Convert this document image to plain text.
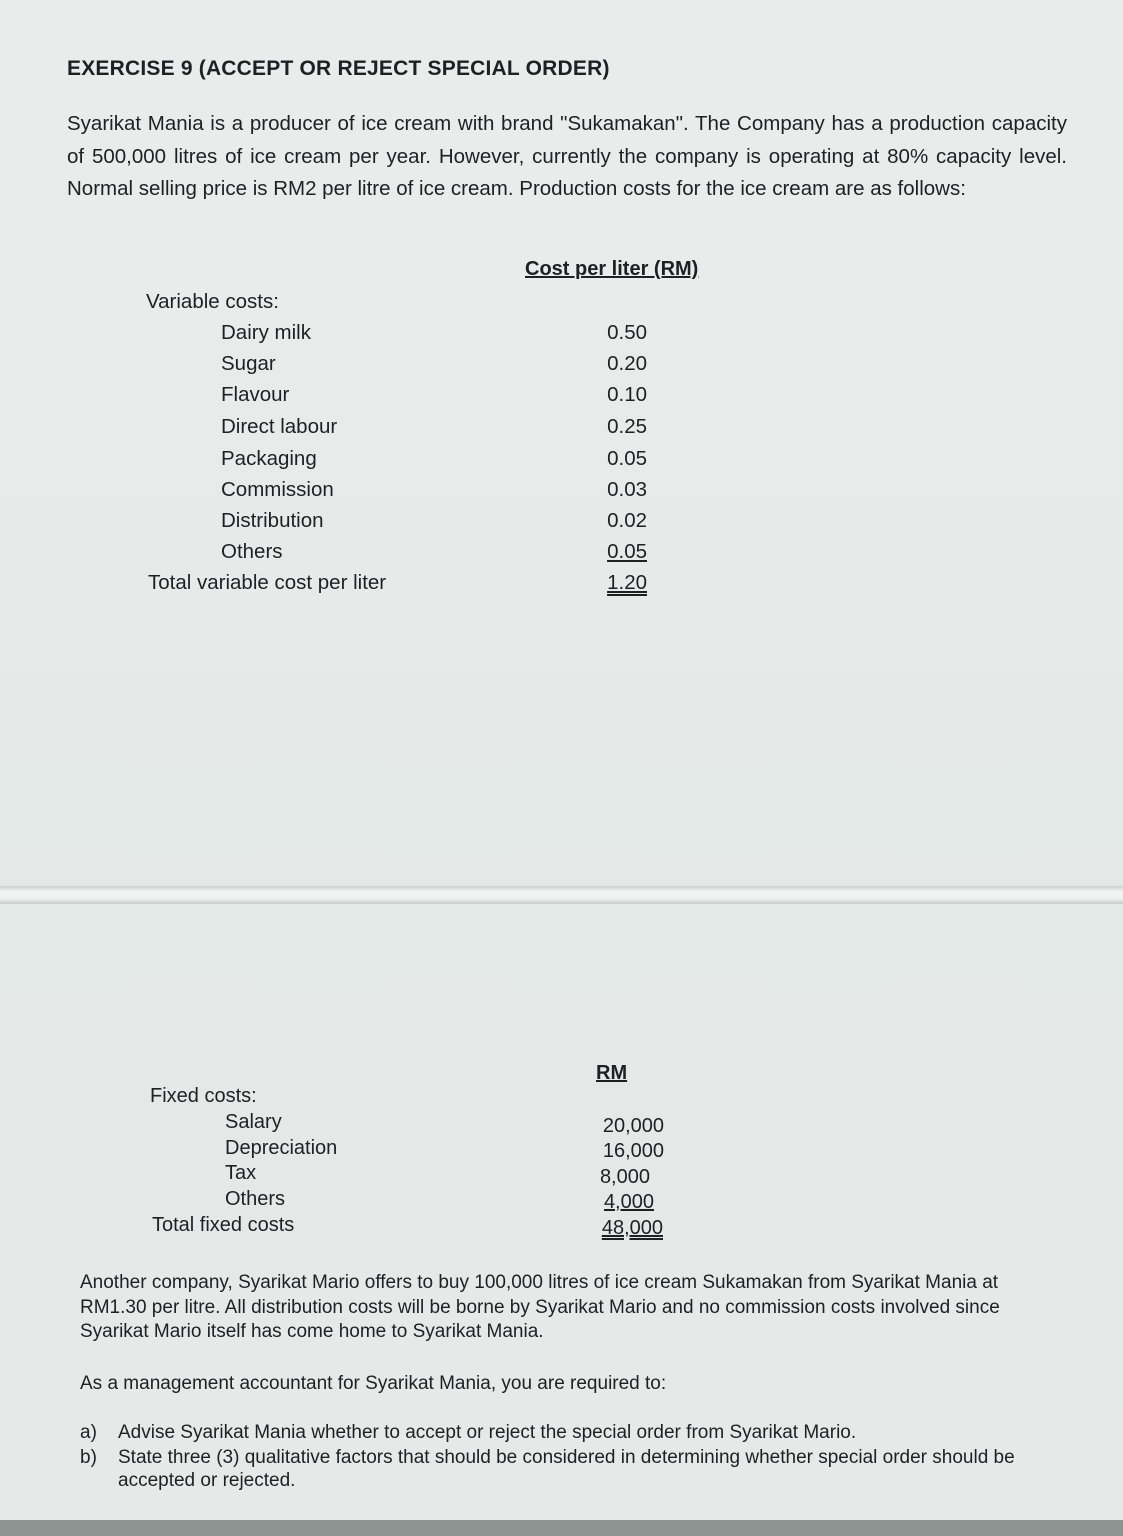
EXERCISE 9 (ACCEPT OR REJECT SPECIAL ORDER)
Syarikat Mania is a producer of ice cream with brand "Sukamakan". The Company has a production capacity of 500,000 litres of ice cream per year. However, currently the company is operating at 80% capacity level. Normal selling price is RM2 per litre of ice cream. Production costs for the ice cream are as follows:
Cost per liter (RM)
Variable costs:
Dairy milk	0.50
Sugar	0.20
Flavour	0.10
Direct labour	0.25
Packaging	0.05
Commission	0.03
Distribution	0.02
Others	0.05
Total variable cost per liter	1.20
RM
Fixed costs:
Salary	20,000
Depreciation	16,000
Tax	8,000
Others	4,000
Total fixed costs	48,000
Another company, Syarikat Mario offers to buy 100,000 litres of ice cream Sukamakan from Syarikat Mania at RM1.30 per litre. All distribution costs will be borne by Syarikat Mario and no commission costs involved since Syarikat Mario itself has come home to Syarikat Mania.
As a management accountant for Syarikat Mania, you are required to:
a) Advise Syarikat Mania whether to accept or reject the special order from Syarikat Mario.
b) State three (3) qualitative factors that should be considered in determining whether special order should be accepted or rejected.
